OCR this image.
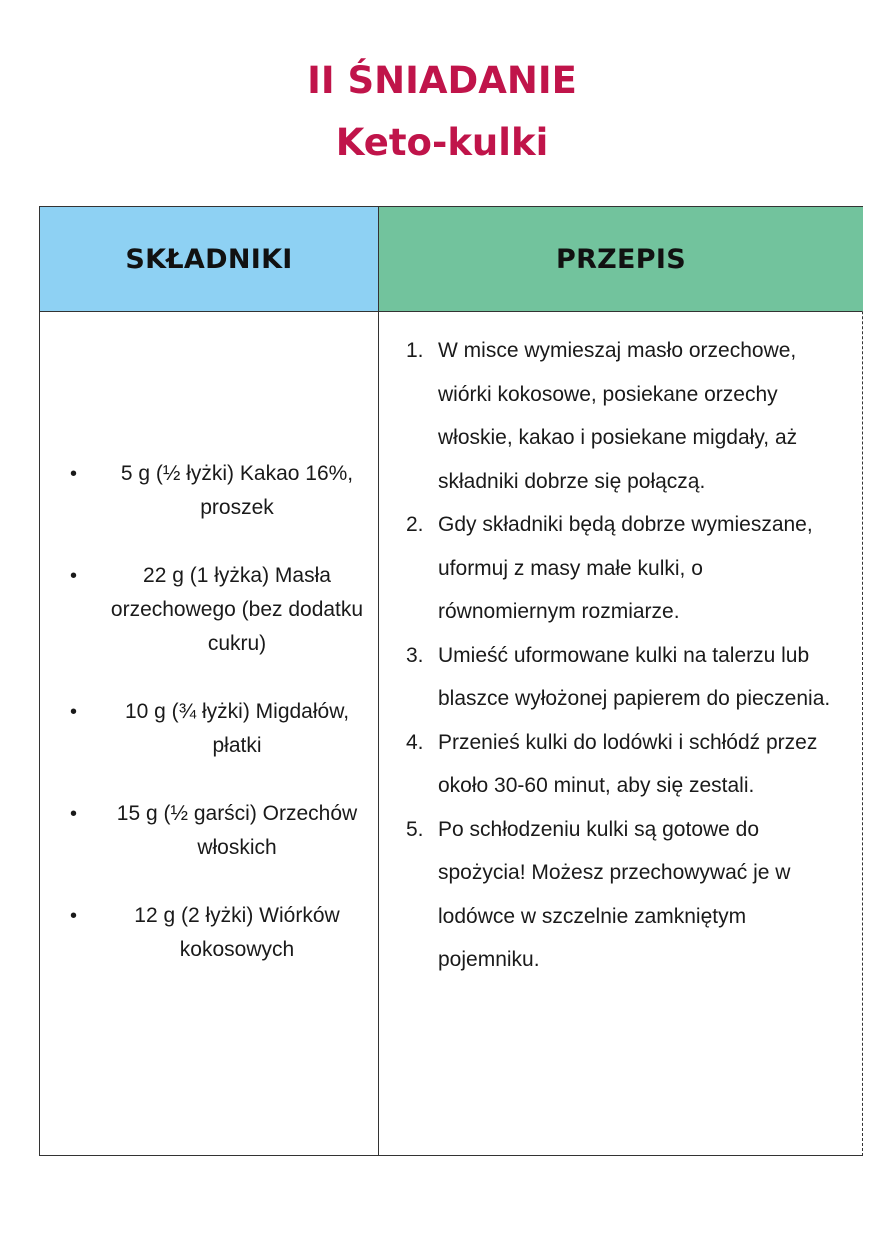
II ŚNIADANIE
Keto-kulki
SKŁADNIKI	PRZEPIS
• 5 g (½ łyżki) Kakao 16%, proszek
•	22 g (1 łyżka) Masła orzechowego (bez dodatku cukru)
• 10 g (¾ łyżki) Migdałów, płatki
• 15 g (½ garści) Orzechów włoskich
•	12 g (2 łyżki) Wiórków kokosowych
1. W misce wymieszaj masło orzechowe, wiórki kokosowe, posiekane orzechy włoskie, kakao i posiekane migdały, aż składniki dobrze się połączą.
2. Gdy składniki będą dobrze wymieszane, uformuj z masy małe kulki, o równomiernym rozmiarze.
3. Umieść uformowane kulki na talerzu lub blaszce wyłożonej papierem do pieczenia.
4. Przenieś kulki do lodówki i schłódź przez około 30-60 minut, aby się zestali.
5. Po schłodzeniu kulki są gotowe do spożycia! Możesz przechowywać je w lodówce w szczelnie zamkniętym pojemniku.
